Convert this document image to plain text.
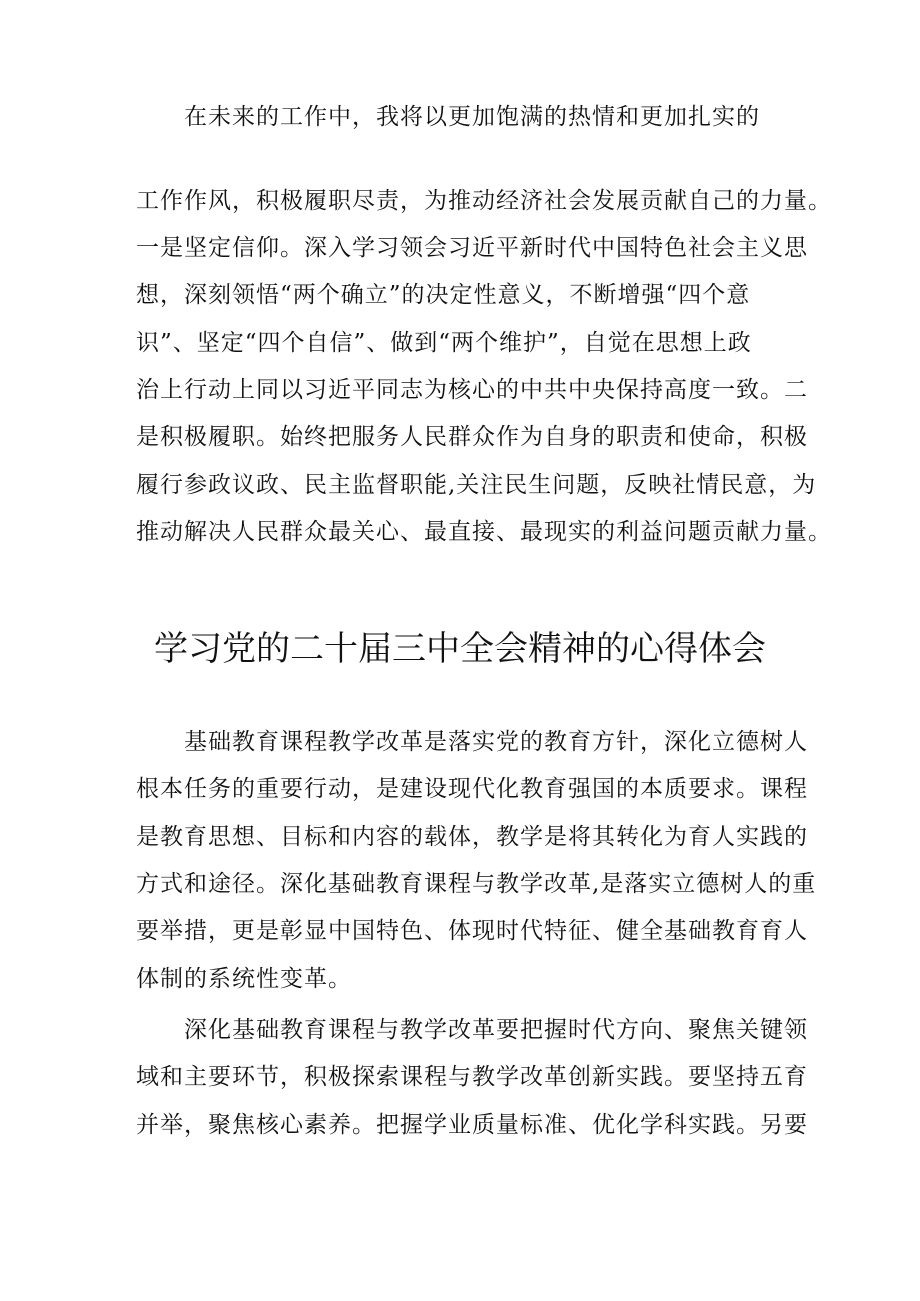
在未来的工作中，我将以更加饱满的热情和更加扎实的

工作作风，积极履职尽责，为推动经济社会发展贡献自己的力量。

一是坚定信仰。深入学习领会习近平新时代中国特色社会主义思

想，深刻领悟“两个确立”的决定性意义，不断增强“四个意

识”、坚定“四个自信”、做到“两个维护”，自觉在思想上政

治上行动上同以习近平同志为核心的中共中央保持高度一致。二

是积极履职。始终把服务人民群众作为自身的职责和使命，积极

履行参政议政、民主监督职能,关注民生问题，反映社情民意，为

推动解决人民群众最关心、最直接、最现实的利益问题贡献力量。

学习党的二十届三中全会精神的心得体会

基础教育课程教学改革是落实党的教育方针，深化立德树人

根本任务的重要行动，是建设现代化教育强国的本质要求。课程

是教育思想、目标和内容的载体，教学是将其转化为育人实践的

方式和途径。深化基础教育课程与教学改革,是落实立德树人的重

要举措，更是彰显中国特色、体现时代特征、健全基础教育育人

体制的系统性变革。

深化基础教育课程与教学改革要把握时代方向、聚焦关键领

域和主要环节，积极探索课程与教学改革创新实践。要坚持五育

并举，聚焦核心素养。把握学业质量标准、优化学科实践。另要
